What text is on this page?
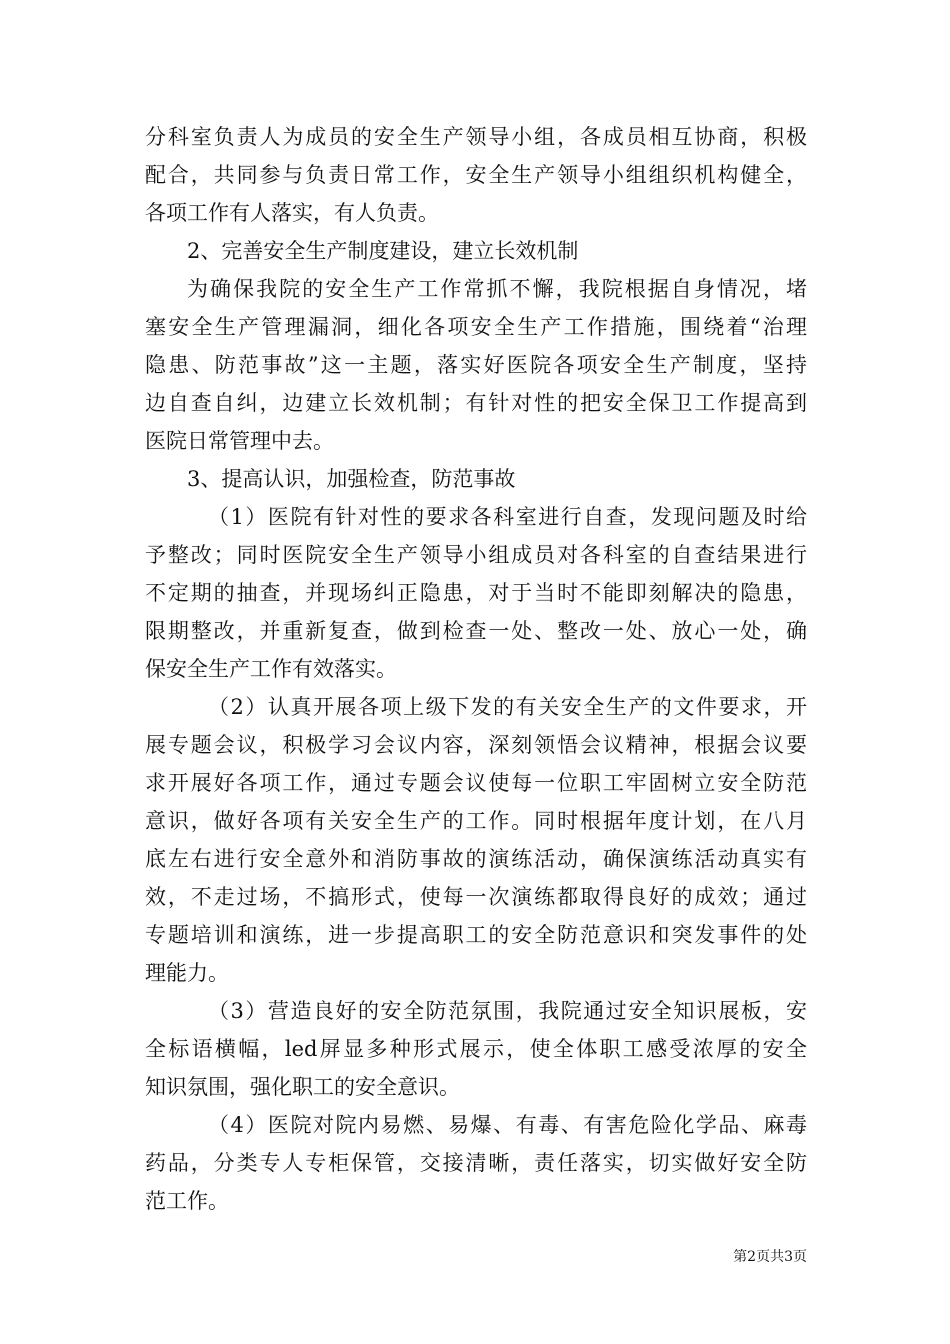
分科室负责人为成员的安全生产领导小组，各成员相互协商，积极
配合，共同参与负责日常工作，安全生产领导小组组织机构健全，
各项工作有人落实，有人负责。
2、完善安全生产制度建设，建立长效机制
为确保我院的安全生产工作常抓不懈，我院根据自身情况，堵
塞安全生产管理漏洞，细化各项安全生产工作措施，围绕着“治理
隐患、防范事故”这一主题，落实好医院各项安全生产制度，坚持
边自查自纠，边建立长效机制；有针对性的把安全保卫工作提高到
医院日常管理中去。
3、提高认识，加强检查，防范事故
（1）医院有针对性的要求各科室进行自查，发现问题及时给
予整改；同时医院安全生产领导小组成员对各科室的自查结果进行
不定期的抽查，并现场纠正隐患，对于当时不能即刻解决的隐患，
限期整改，并重新复查，做到检查一处、整改一处、放心一处，确
保安全生产工作有效落实。
（2）认真开展各项上级下发的有关安全生产的文件要求，开
展专题会议，积极学习会议内容，深刻领悟会议精神，根据会议要
求开展好各项工作，通过专题会议使每一位职工牢固树立安全防范
意识，做好各项有关安全生产的工作。同时根据年度计划，在八月
底左右进行安全意外和消防事故的演练活动，确保演练活动真实有
效，不走过场，不搞形式，使每一次演练都取得良好的成效；通过
专题培训和演练，进一步提高职工的安全防范意识和突发事件的处
理能力。
（3）营造良好的安全防范氛围，我院通过安全知识展板，安
全标语横幅，led屏显多种形式展示，使全体职工感受浓厚的安全
知识氛围，强化职工的安全意识。
（4）医院对院内易燃、易爆、有毒、有害危险化学品、麻毒
药品，分类专人专柜保管，交接清晰，责任落实，切实做好安全防
范工作。
第2页共3页
